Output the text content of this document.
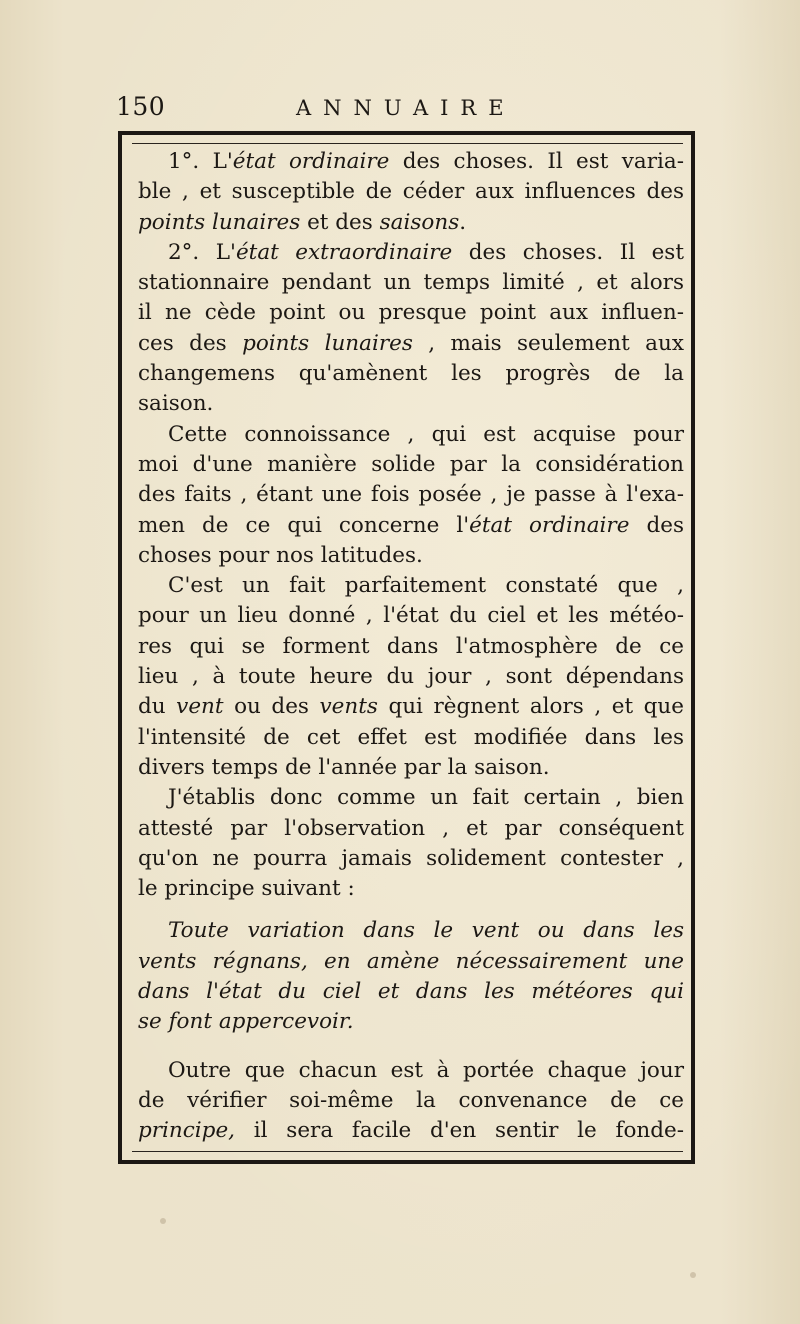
150	ANNUAIRE
1°. L'état ordinaire des choses. Il est varia-
ble , et susceptible de céder aux influences des
points lunaires et des saisons.
2°. L'état extraordinaire des choses. Il est
stationnaire pendant un temps limité , et alors
il ne cède point ou presque point aux influen-
ces des points lunaires , mais seulement aux
changemens qu'amènent les progrès de la
saison.
Cette connoissance , qui est acquise pour
moi d'une manière solide par la considération
des faits , étant une fois posée , je passe à l'exa-
men de ce qui concerne l'état ordinaire des
choses pour nos latitudes.
C'est un fait parfaitement constaté que ,
pour un lieu donné , l'état du ciel et les météo-
res qui se forment dans l'atmosphère de ce
lieu , à toute heure du jour , sont dépendans
du vent ou des vents qui règnent alors , et que
l'intensité de cet effet est modifiée dans les
divers temps de l'année par la saison.
J'établis donc comme un fait certain , bien
attesté par l'observation , et par conséquent
qu'on ne pourra jamais solidement contester ,
le principe suivant :
Toute variation dans le vent ou dans les
vents régnans, en amène nécessairement une
dans l'état du ciel et dans les météores qui
se font appercevoir.
Outre que chacun est à portée chaque jour
de vérifier soi-même la convenance de ce
principe, il sera facile d'en sentir le fonde-
